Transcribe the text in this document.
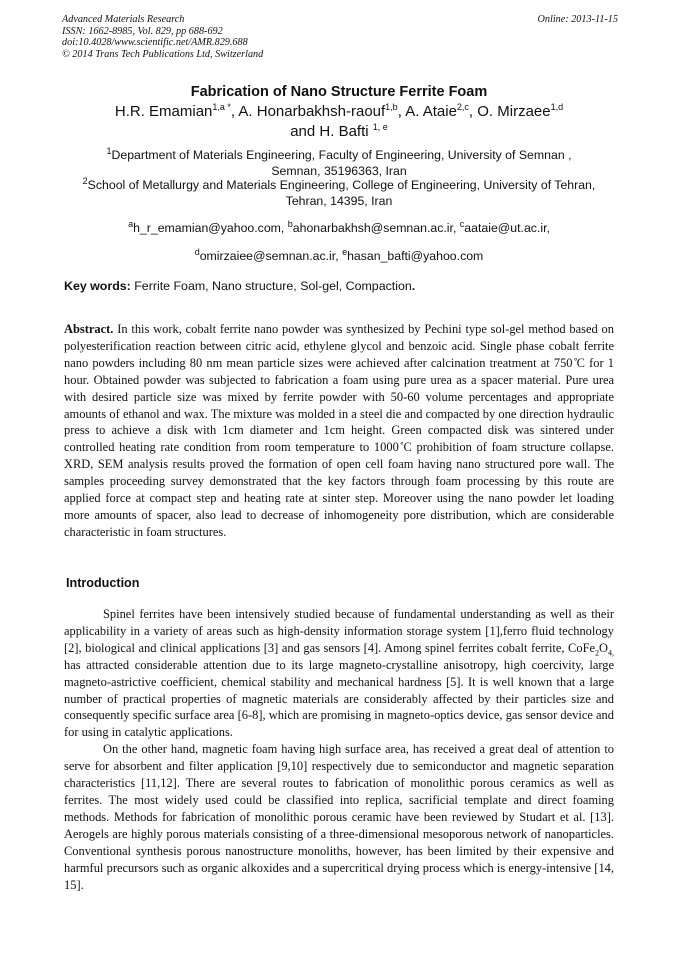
Advanced Materials Research
ISSN: 1662-8985, Vol. 829, pp 688-692
doi:10.4028/www.scientific.net/AMR.829.688
© 2014 Trans Tech Publications Ltd, Switzerland
Online: 2013-11-15
Fabrication of Nano Structure Ferrite Foam
H.R. Emamian$^{1,a *}$, A. Honarbakhsh-raouf$^{1,b}$, A. Ataie$^{2,c}$, O. Mirzaee$^{1,d}$
and H. Bafti $^{1, e}$
$^1$Department of Materials Engineering, Faculty of Engineering, University of Semnan ,
Semnan, 35196363, Iran
$^2$School of Metallurgy and Materials Engineering, College of Engineering, University of Tehran,
Tehran, 14395, Iran
$^a$h_r_emamian@yahoo.com, $^b$ahonarbakhsh@semnan.ac.ir, $^c$aataie@ut.ac.ir,
$^d$omirzaiee@semnan.ac.ir, $^e$hasan_bafti@yahoo.com
Key words: Ferrite Foam, Nano structure, Sol-gel, Compaction.
Abstract. In this work, cobalt ferrite nano powder was synthesized by Pechini type sol-gel method based on polyesterification reaction between citric acid, ethylene glycol and benzoic acid. Single phase cobalt ferrite nano powders including 80 nm mean particle sizes were achieved after calcination treatment at 750 ̊C for 1 hour. Obtained powder was subjected to fabrication a foam using pure urea as a spacer material. Pure urea with desired particle size was mixed by ferrite powder with 50-60 volume percentages and appropriate amounts of ethanol and wax. The mixture was molded in a steel die and compacted by one direction hydraulic press to achieve a disk with 1cm diameter and 1cm height. Green compacted disk was sintered under controlled heating rate condition from room temperature to 1000 ̊C prohibition of foam structure collapse. XRD, SEM analysis results proved the formation of open cell foam having nano structured pore wall. The samples proceeding survey demonstrated that the key factors through foam processing by this route are applied force at compact step and heating rate at sinter step. Moreover using the nano powder let loading more amounts of spacer, also lead to decrease of inhomogeneity pore distribution, which are considerable characteristic in foam structures.
Introduction

Spinel ferrites have been intensively studied because of fundamental understanding as well as their applicability in a variety of areas such as high-density information storage system [1],ferro fluid technology [2], biological and clinical applications [3] and gas sensors [4]. Among spinel ferrites cobalt ferrite, $CoFe_2O_{4,}$ has attracted considerable attention due to its large magneto-crystalline anisotropy, high coercivity, large magneto-astrictive coefficient, chemical stability and mechanical hardness [5]. It is well known that a large number of practical properties of magnetic materials are considerably affected by their particles size and consequently specific surface area [6-8], which are promising in magneto-optics device, gas sensor device and for using in catalytic applications.

On the other hand, magnetic foam having high surface area, has received a great deal of attention to serve for absorbent and filter application [9,10] respectively due to semiconductor and magnetic separation characteristics [11,12]. There are several routes to fabrication of monolithic porous ceramics as well as ferrites. The most widely used could be classified into replica, sacrificial template and direct foaming methods. Methods for fabrication of monolithic porous ceramic have been reviewed by Studart et al. [13]. Aerogels are highly porous materials consisting of a three-dimensional mesoporous network of nanoparticles. Conventional synthesis porous nanostructure monoliths, however, has been limited by their expensive and harmful precursors such as organic alkoxides and a supercritical drying process which is energy-intensive [14, 15].
